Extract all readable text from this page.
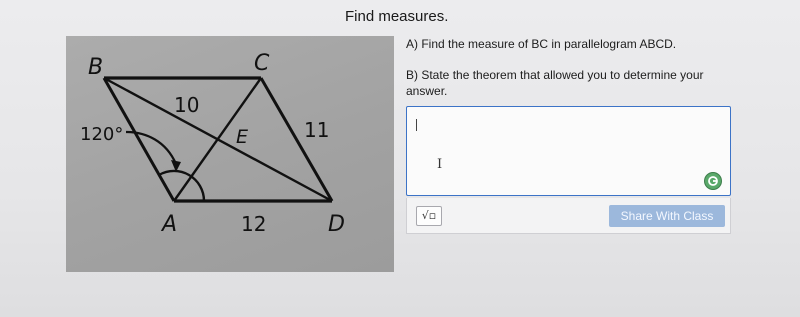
Find measures.
B	C
A	D
E
10
11
12
120°
A) Find the measure of BC in parallelogram ABCD.
B) State the theorem that allowed you to determine your answer.
I
√▫	Share With Class
